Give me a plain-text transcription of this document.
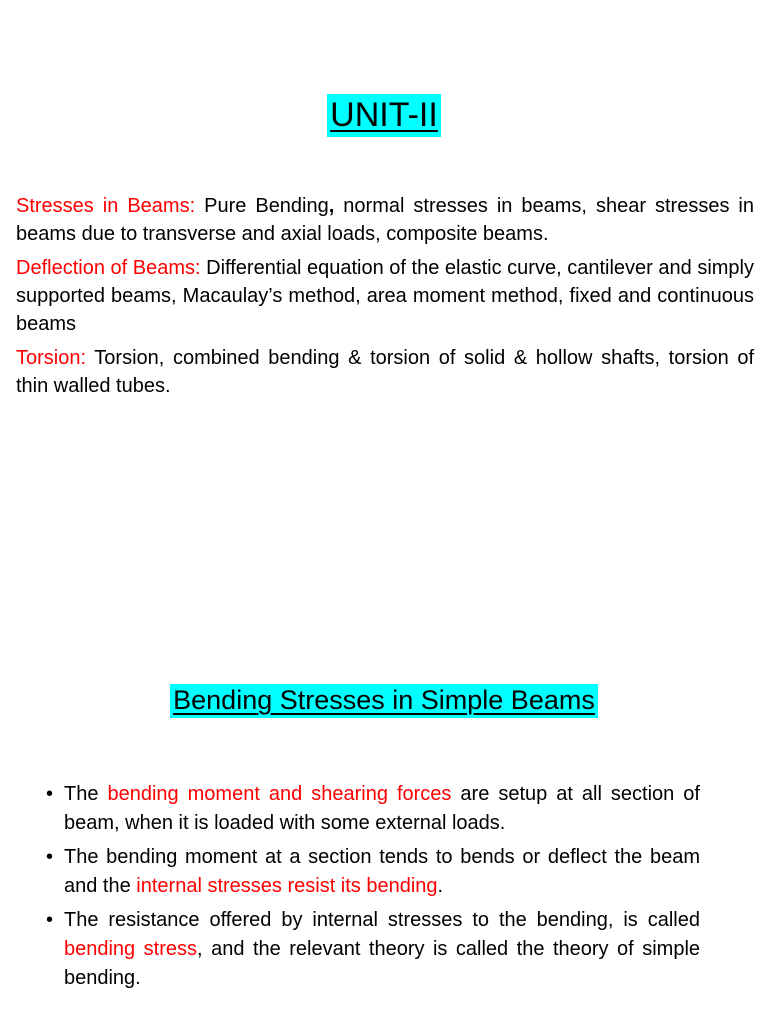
UNIT-II

Stresses in Beams: Pure Bending, normal stresses in beams, shear stresses in beams due to transverse and axial loads, composite beams.

Deflection of Beams: Differential equation of the elastic curve, cantilever and simply supported beams, Macaulay’s method, area moment method, fixed and continuous beams

Torsion: Torsion, combined bending & torsion of solid & hollow shafts, torsion of thin walled tubes.

Bending Stresses in Simple Beams
• The bending moment and shearing forces are setup at all section of beam, when it is loaded with some external loads.
• The bending moment at a section tends to bends or deflect the beam and the internal stresses resist its bending.
• The resistance offered by internal stresses to the bending, is called bending stress, and the relevant theory is called the theory of simple bending.
